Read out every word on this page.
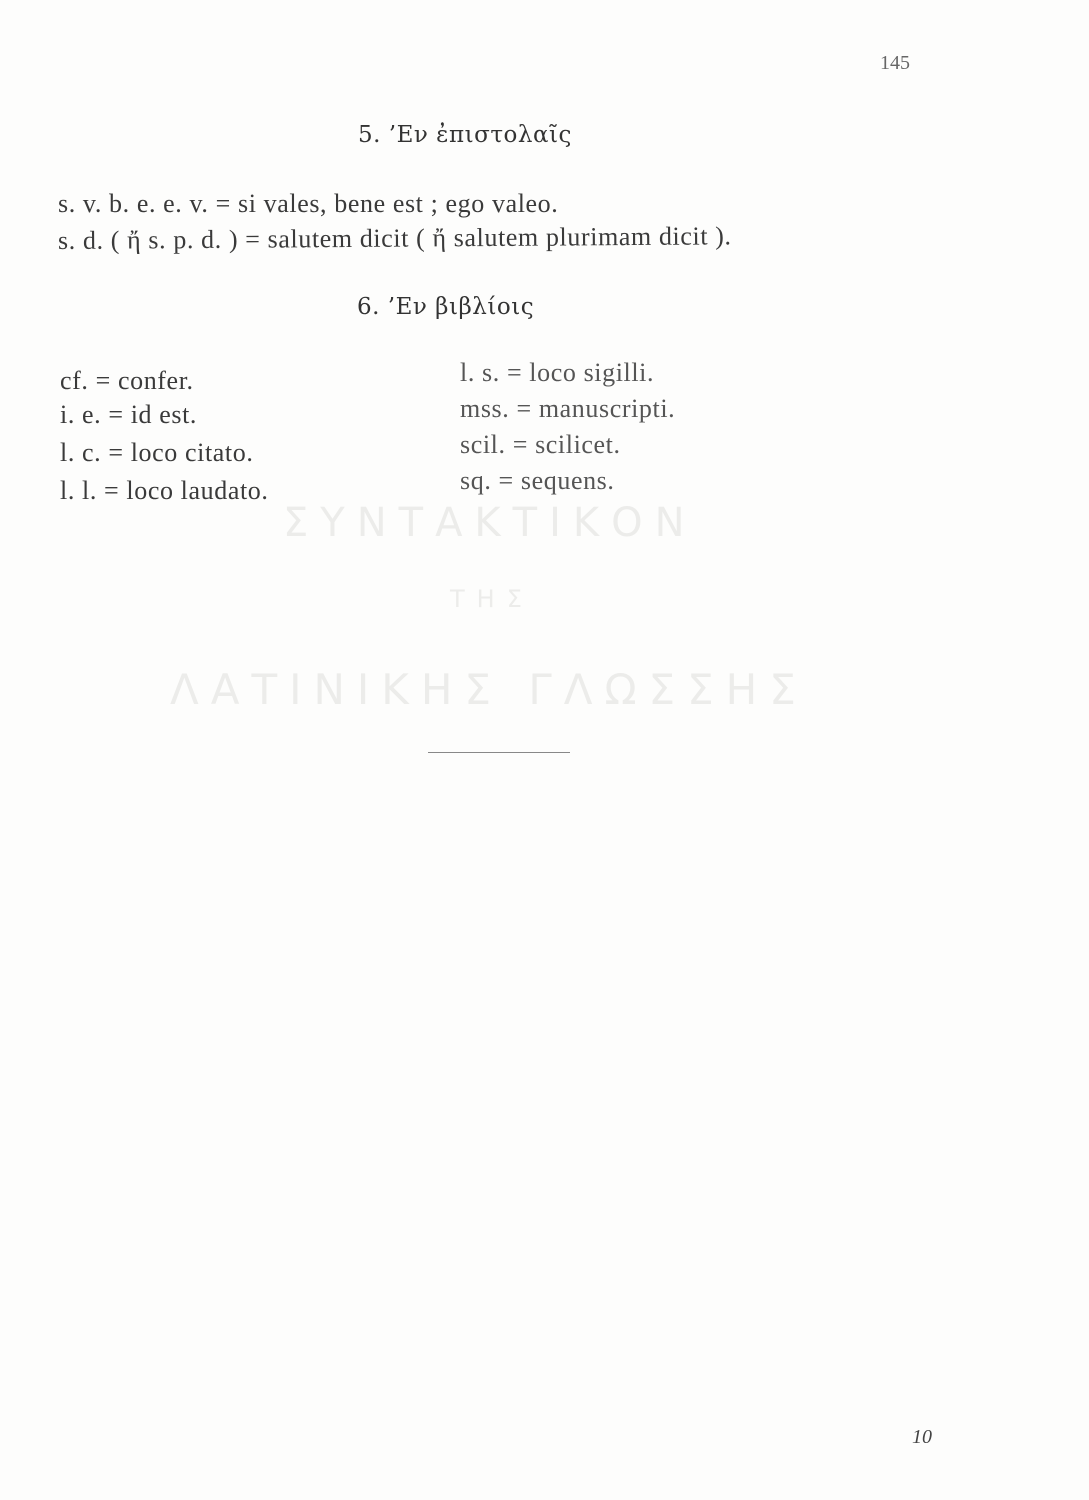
145
5. ’Εν ἐπιστολαῖς
s. v. b. e. e. v. = si vales, bene est ; ego valeo.
s. d. ( ἤ s. p. d. ) = salutem dicit ( ἤ salutem plurimam dicit ).
6. ’Εν βιβλίοις
cf. = confer.
i. e. = id est.
l. c. = loco citato.
l. l. = loco laudato.
l. s. = loco sigilli.
mss. = manuscripti.
scil. = scilicet.
sq. = sequens.
ΣΥΝΤΑΚΤΙΚΟΝ
ΤΗΣ
ΛΑΤΙΝΙΚΗΣ ΓΛΩΣΣΗΣ
10
